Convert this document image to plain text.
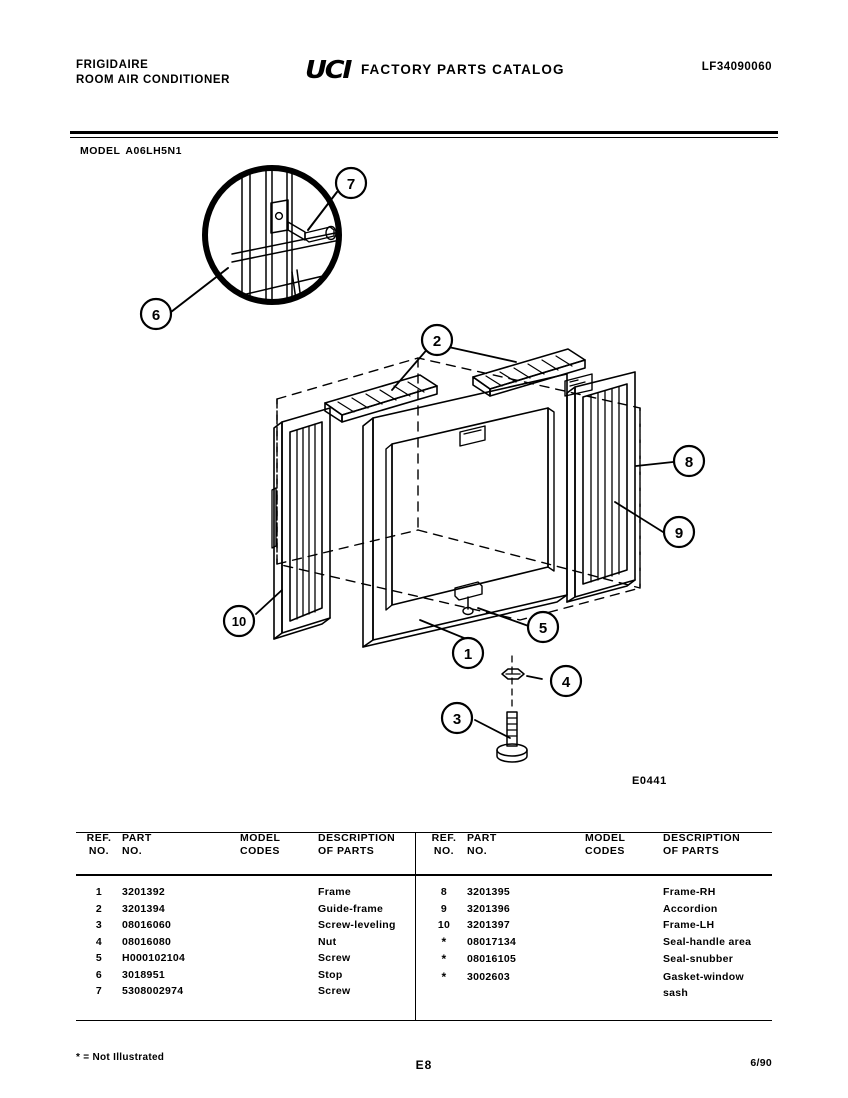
FRIGIDAIRE
ROOM AIR CONDITIONER	UCI FACTORY PARTS CATALOG	LF34090060
MODEL A06LH5N1
1
2
3
4
5
6
7
8
9
10
E0441
REF.
NO.	PART
NO.	MODEL
CODES	DESCRIPTION
OF PARTS

1	3201392		Frame
2	3201394		Guide-frame
3	08016060		Screw-leveling
4	08016080		Nut
5	H000102104		Screw
6	3018951		Stop
7	5308002974		Screw
REF.
NO.	PART
NO.	MODEL
CODES	DESCRIPTION
OF PARTS

8	3201395		Frame-RH
9	3201396		Accordion
10	3201397		Frame-LH
*	08017134		Seal-handle area
*	08016105		Seal-snubber
*	3002603		Gasket-window sash
* = Not Illustrated
E8	6/90
